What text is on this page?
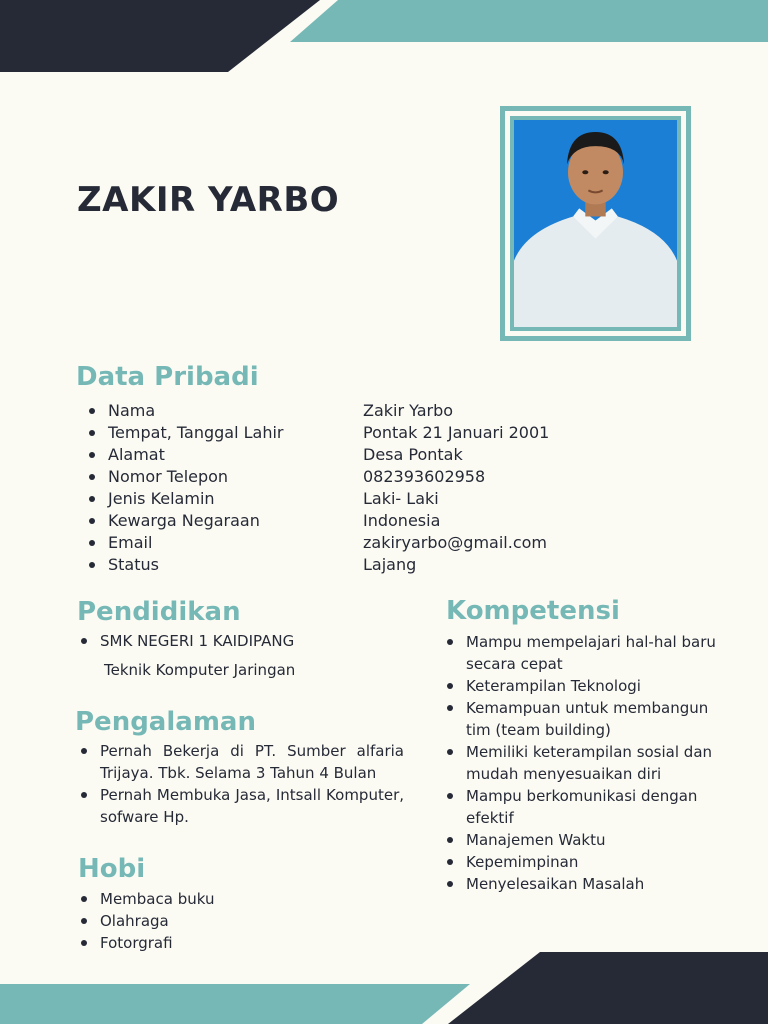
ZAKIR YARBO
Data Pribadi
Nama	Zakir Yarbo
Tempat, Tanggal Lahir	Pontak 21 Januari 2001
Alamat	Desa Pontak
Nomor Telepon	082393602958
Jenis Kelamin	Laki- Laki
Kewarga Negaraan	Indonesia
Email	zakiryarbo@gmail.com
Status	Lajang
Pendidikan
SMK NEGERI 1 KAIDIPANG
Teknik Komputer Jaringan
Pengalaman
Pernah Bekerja di PT. Sumber alfaria Trijaya. Tbk. Selama 3 Tahun 4 Bulan
Pernah Membuka Jasa, Intsall Komputer, sofware Hp.
Hobi
Membaca buku
Olahraga
Fotorgrafi
Kompetensi
Mampu mempelajari hal-hal baru secara cepat
Keterampilan Teknologi
Kemampuan untuk membangun tim (team building)
Memiliki keterampilan sosial dan mudah menyesuaikan diri
Mampu berkomunikasi dengan efektif
Manajemen Waktu
Kepemimpinan
Menyelesaikan Masalah
